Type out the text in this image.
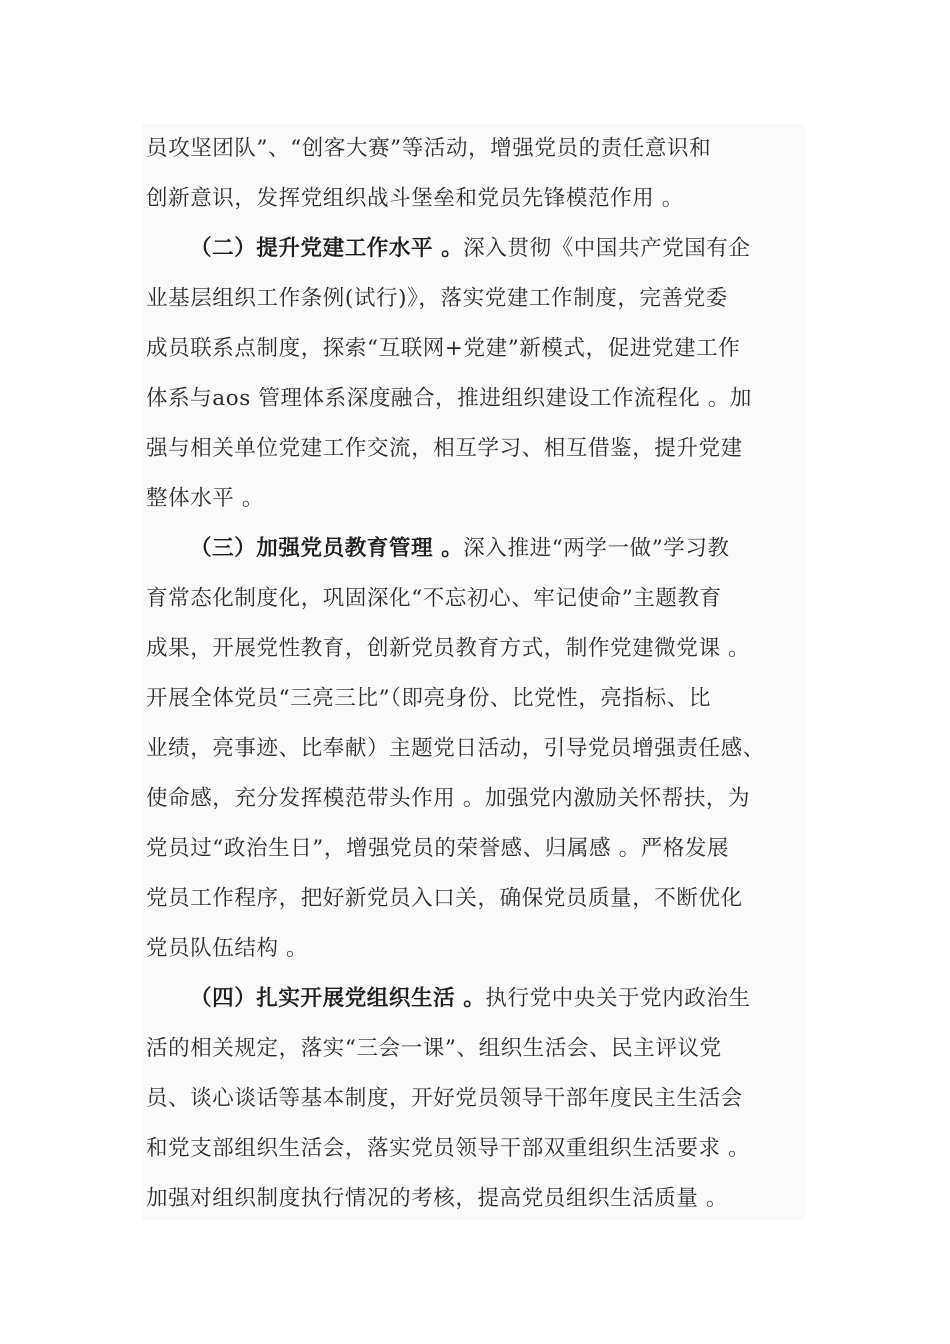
员攻坚团队”、“创客大赛”等活动，增强党员的责任意识和
创新意识，发挥党组织战斗堡垒和党员先锋模范作用 。
（二）提升党建工作水平 。深入贯彻《中国共产党国有企
业基层组织工作条例(试行)》，落实党建工作制度，完善党委
成员联系点制度，探索“互联网+党建”新模式，促进党建工作
体系与aos 管理体系深度融合，推进组织建设工作流程化 。加
强与相关单位党建工作交流，相互学习、相互借鉴，提升党建
整体水平 。
（三）加强党员教育管理 。深入推进“两学一做”学习教
育常态化制度化，巩固深化“不忘初心、牢记使命”主题教育
成果，开展党性教育，创新党员教育方式，制作党建微党课 。
开展全体党员“三亮三比”（即亮身份、比党性，亮指标、比
业绩，亮事迹、比奉献）主题党日活动，引导党员增强责任感、
使命感，充分发挥模范带头作用 。加强党内激励关怀帮扶，为
党员过“政治生日”，增强党员的荣誉感、归属感 。严格发展
党员工作程序，把好新党员入口关，确保党员质量，不断优化
党员队伍结构 。
（四）扎实开展党组织生活 。执行党中央关于党内政治生
活的相关规定，落实“三会一课”、组织生活会、民主评议党
员、谈心谈话等基本制度，开好党员领导干部年度民主生活会
和党支部组织生活会，落实党员领导干部双重组织生活要求 。
加强对组织制度执行情况的考核，提高党员组织生活质量 。
